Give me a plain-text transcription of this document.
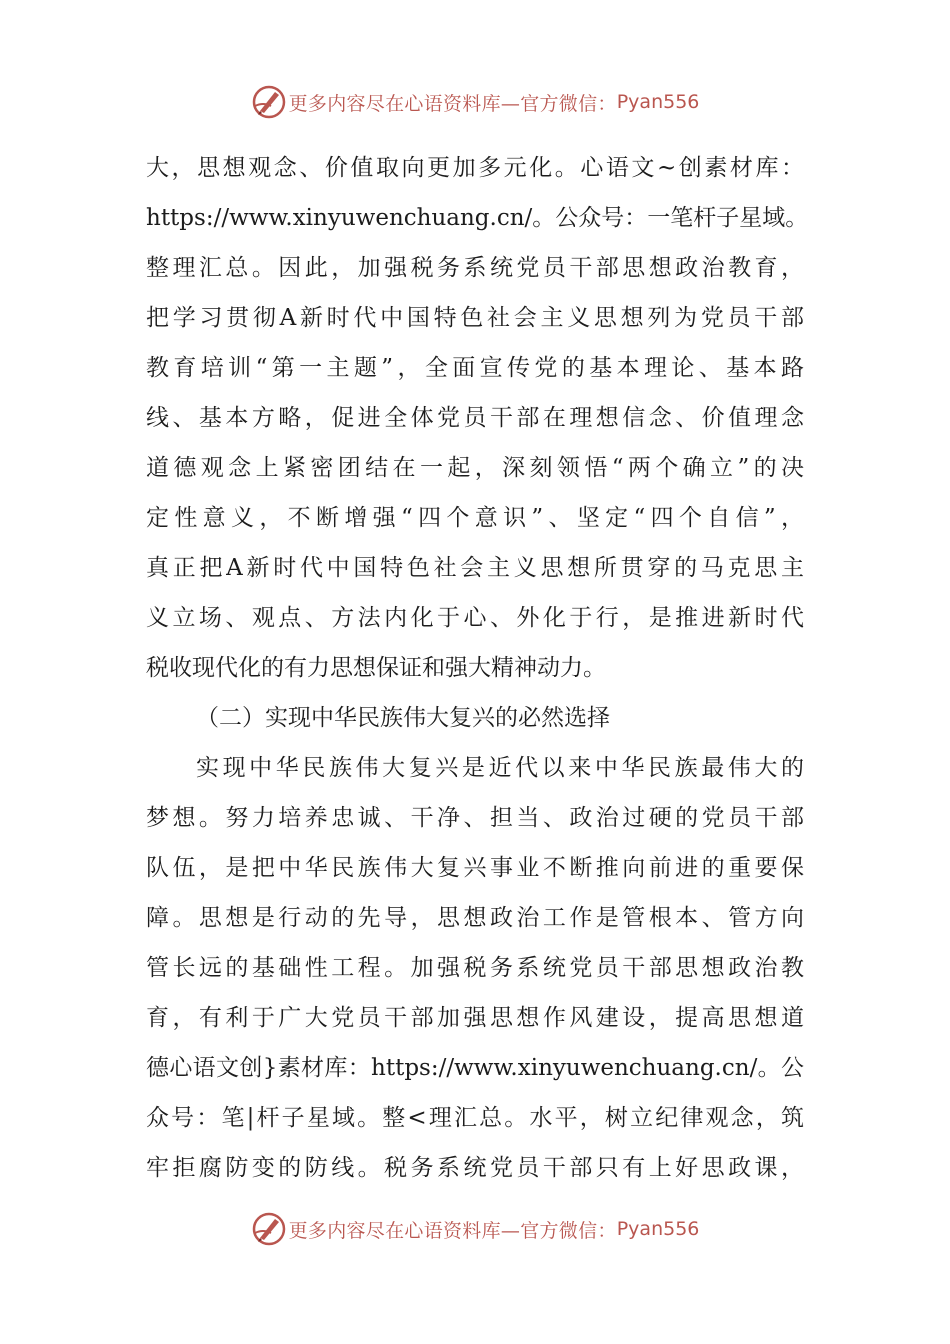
更多内容尽在心语资料库—官方微信： Pyan556
大，思想观念、价值取向更加多元化。心语文~创素材库：
https://www.xinyuwenchuang.cn/。公众号：一笔杆子星域。
整理汇总。因此，加强税务系统党员干部思想政治教育，
把学习贯彻A新时代中国特色社会主义思想列为党员干部
教育培训“第一主题”，全面宣传党的基本理论、基本路
线、基本方略，促进全体党员干部在理想信念、价值理念
道德观念上紧密团结在一起，深刻领悟“两个确立”的决
定性意义，不断增强“四个意识”、坚定“四个自信”，
真正把A新时代中国特色社会主义思想所贯穿的马克思主
义立场、观点、方法内化于心、外化于行，是推进新时代
税收现代化的有力思想保证和强大精神动力。
（二）实现中华民族伟大复兴的必然选择
实现中华民族伟大复兴是近代以来中华民族最伟大的
梦想。努力培养忠诚、干净、担当、政治过硬的党员干部
队伍，是把中华民族伟大复兴事业不断推向前进的重要保
障。思想是行动的先导，思想政治工作是管根本、管方向
管长远的基础性工程。加强税务系统党员干部思想政治教
育，有利于广大党员干部加强思想作风建设，提高思想道
德心语文创}素材库：https://www.xinyuwenchuang.cn/。公
众号：笔|杆子星域。整<理汇总。水平，树立纪律观念，筑
牢拒腐防变的防线。税务系统党员干部只有上好思政课，
更多内容尽在心语资料库—官方微信： Pyan556
